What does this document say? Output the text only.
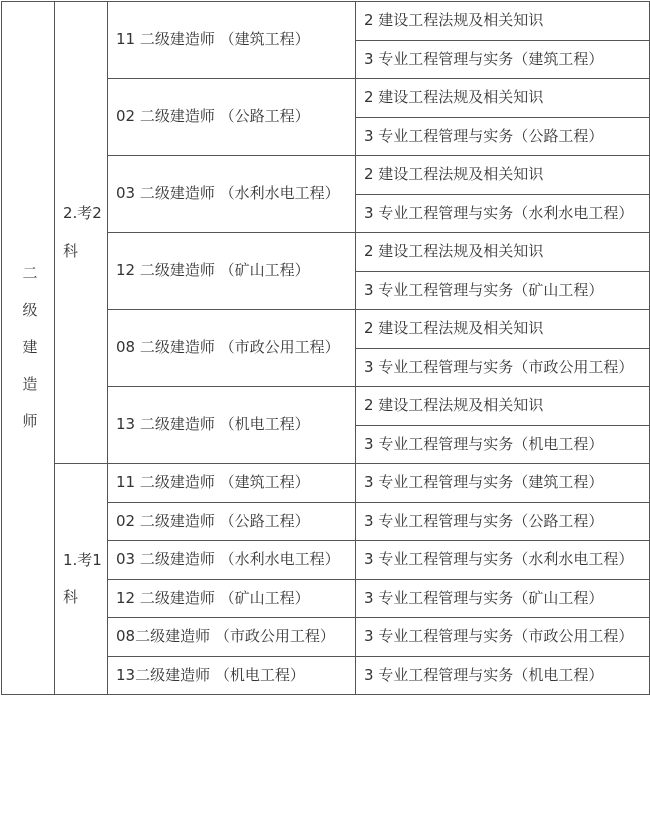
二级建造师	2.考2科	11 二级建造师 （建筑工程）	2 建设工程法规及相关知识
			3 专业工程管理与实务（建筑工程）
		02 二级建造师 （公路工程）	2 建设工程法规及相关知识
			3 专业工程管理与实务（公路工程）
		03 二级建造师 （水利水电工程）	2 建设工程法规及相关知识
			3 专业工程管理与实务（水利水电工程）
		12 二级建造师 （矿山工程）	2 建设工程法规及相关知识
			3 专业工程管理与实务（矿山工程）
		08 二级建造师 （市政公用工程）	2 建设工程法规及相关知识
			3 专业工程管理与实务（市政公用工程）
		13 二级建造师 （机电工程）	2 建设工程法规及相关知识
			3 专业工程管理与实务（机电工程）
	1.考1科	11 二级建造师 （建筑工程）	3 专业工程管理与实务（建筑工程）
		02 二级建造师 （公路工程）	3 专业工程管理与实务（公路工程）
		03 二级建造师 （水利水电工程）	3 专业工程管理与实务（水利水电工程）
		12 二级建造师 （矿山工程）	3 专业工程管理与实务（矿山工程）
		08二级建造师 （市政公用工程）	3 专业工程管理与实务（市政公用工程）
		13二级建造师 （机电工程）	3 专业工程管理与实务（机电工程）
